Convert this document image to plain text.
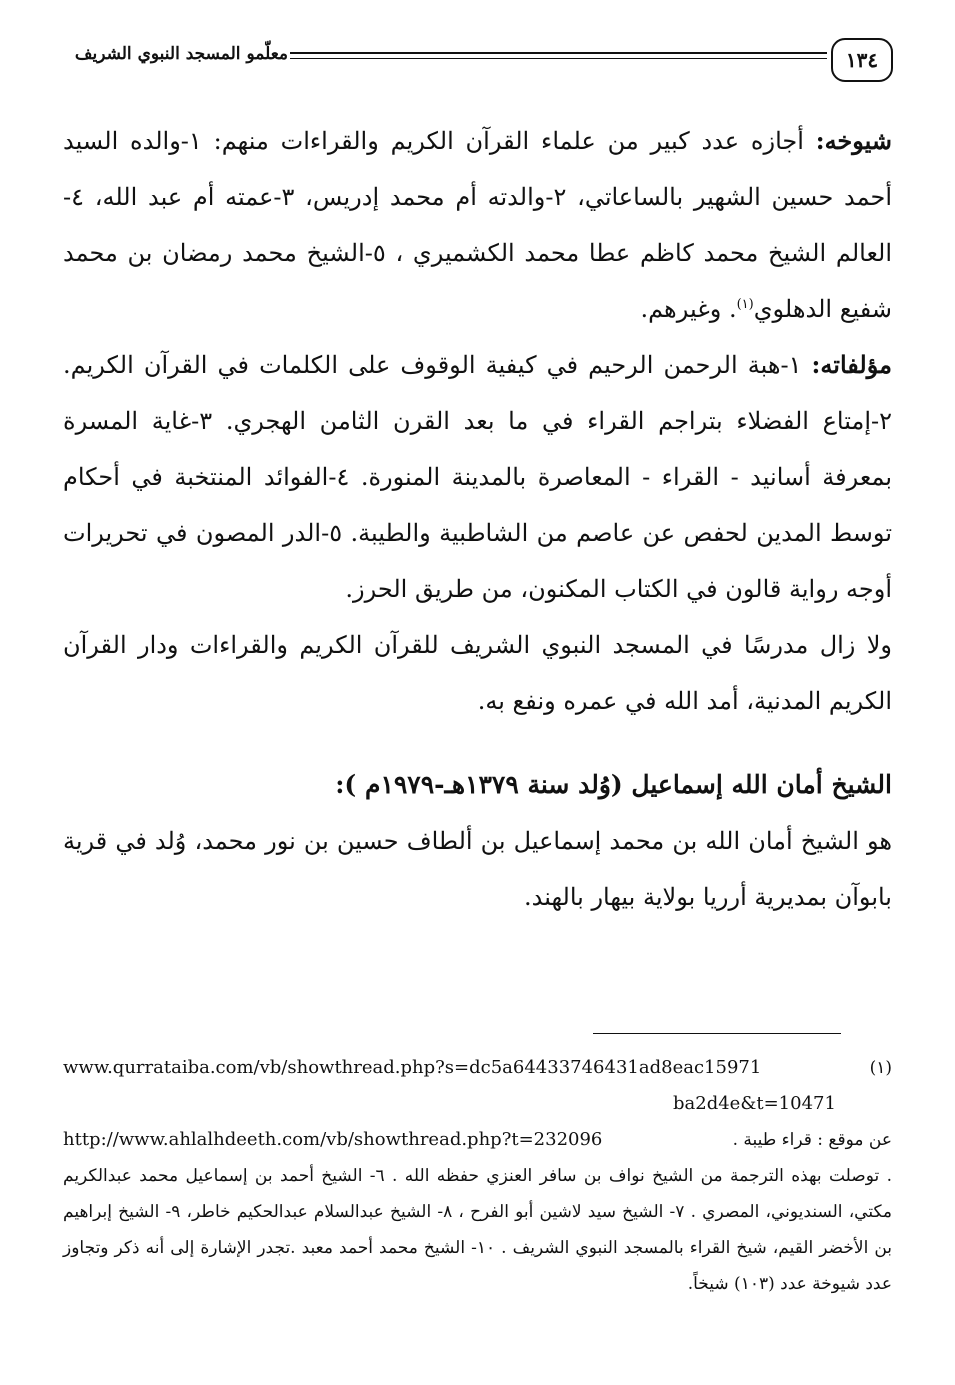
١٣٤
معلّمو المسجد النبوي الشريف

شيوخه: أجازه عدد كبير من علماء القرآن الكريم والقراءات منهم: ١-والده السيد أحمد حسين الشهير بالساعاتي، ٢-والدته أم محمد إدريس، ٣-عمته أم عبد الله، ٤-العالم الشيخ محمد كاظم عطا محمد الكشميري ، ٥-الشيخ محمد رمضان بن محمد شفيع الدهلوي$^{(١)}$. وغيرهم.

مؤلفاته: ١-هبة الرحمن الرحيم في كيفية الوقوف على الكلمات في القرآن الكريم. ٢-إمتاع الفضلاء بتراجم القراء في ما بعد القرن الثامن الهجري. ٣-غاية المسرة بمعرفة أسانيد - القراء - المعاصرة بالمدينة المنورة. ٤-الفوائد المنتخبة في أحكام توسط المدين لحفص عن عاصم من الشاطبية والطيبة. ٥-الدر المصون في تحريرات أوجه رواية قالون في الكتاب المكنون، من طريق الحرز.

ولا زال مدرسًا في المسجد النبوي الشريف للقرآن الكريم والقراءات ودار القرآن الكريم المدنية، أمد الله في عمره ونفع به.

الشيخ أمان الله إسماعيل (وُلد سنة ١٣٧٩هـ-١٩٧٩م ):

هو الشيخ أمان الله بن محمد إسماعيل بن ألطاف حسين بن نور محمد، وُلد في قرية بابوآن بمديرية أرريا بولاية بيهار بالهند.

(١)
www.qurrataiba.com/vb/showthread.php?s=dc5a64433746431ad8eac15971
ba2d4e&t=10471
عن موقع : قراء طيبة .
http://www.ahlalhdeeth.com/vb/showthread.php?t=232096
. توصلت بهذه الترجمة من الشيخ نواف بن سافر العنزي حفظه الله . ٦- الشيخ أحمد بن إسماعيل محمد عبدالكريم مكتي، السنديوني، المصري . ٧- الشيخ سيد لاشين أبو الفرح ، ٨- الشيخ عبدالسلام عبدالحكيم خاطر، ٩- الشيخ إبراهيم بن الأخضر القيم، شيخ القراء بالمسجد النبوي الشريف . ١٠- الشيخ محمد أحمد معبد .تجدر الإشارة إلى أنه ذكر وتجاوز عدد شيوخة عدد (١٠٣) شيخاً.
